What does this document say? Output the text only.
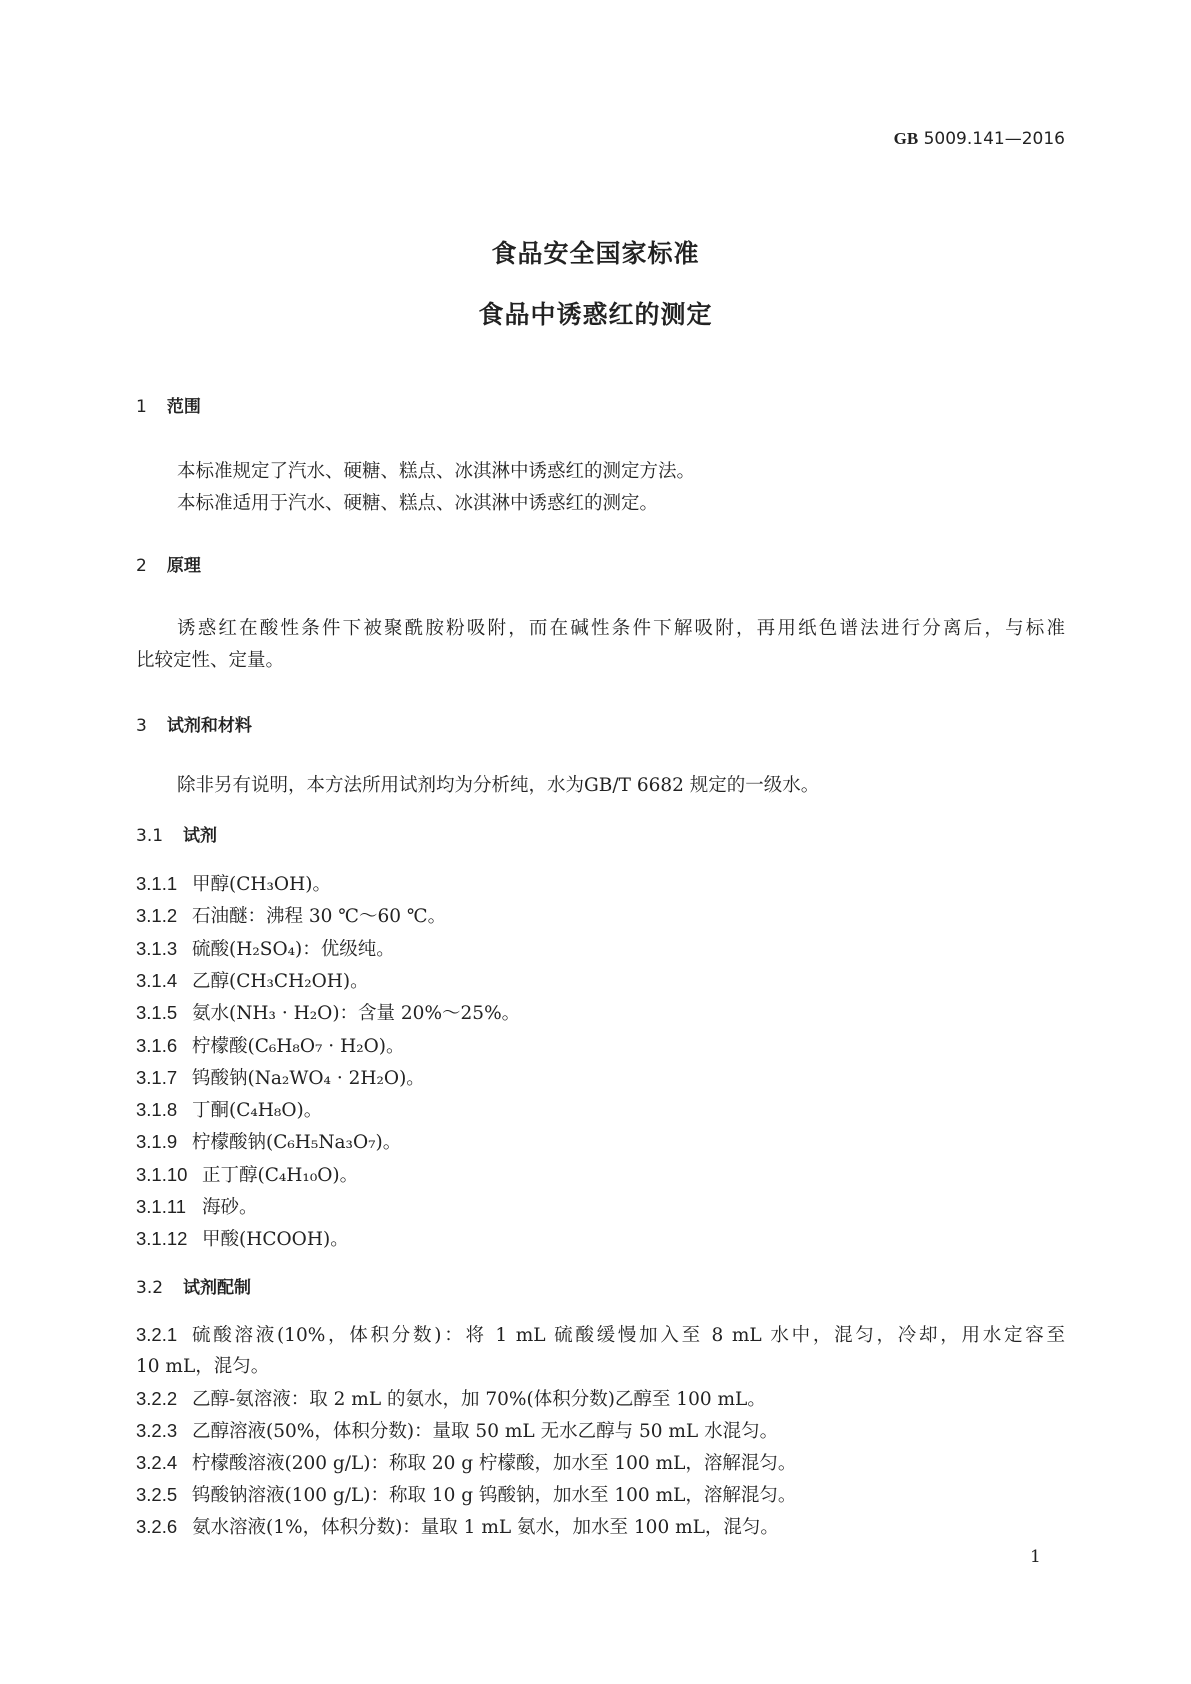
GB 5009.141—2016
食品安全国家标准
食品中诱惑红的测定
1 范围
本标准规定了汽水、硬糖、糕点、冰淇淋中诱惑红的测定方法。
本标准适用于汽水、硬糖、糕点、冰淇淋中诱惑红的测定。
2 原理
诱惑红在酸性条件下被聚酰胺粉吸附，而在碱性条件下解吸附，再用纸色谱法进行分离后，与标准
比较定性、定量。
3 试剂和材料
除非另有说明，本方法所用试剂均为分析纯，水为GB/T 6682 规定的一级水。
3.1 试剂
3.2 试剂配制
1
3.1.1 甲醇(CH₃OH)。
3.1.2 石油醚：沸程 30 ℃～60 ℃。
3.1.3 硫酸(H₂SO₄)：优级纯。
3.1.4 乙醇(CH₃CH₂OH)。
3.1.5 氨水(NH₃ · H₂O)：含量 20%～25%。
3.1.6 柠檬酸(C₆H₈O₇ · H₂O)。
3.1.7 钨酸钠(Na₂WO₄ · 2H₂O)。
3.1.8 丁酮(C₄H₈O)。
3.1.9 柠檬酸钠(C₆H₅Na₃O₇)。
3.1.10 正丁醇(C₄H₁₀O)。
3.1.11 海砂。
3.1.12 甲酸(HCOOH)。
3.2.1 硫酸溶液(10%，体积分数)：将 1 mL 硫酸缓慢加入至 8 mL 水中，混匀，冷却，用水定容至
10 mL，混匀。
3.2.2 乙醇-氨溶液：取 2 mL 的氨水，加 70%(体积分数)乙醇至 100 mL。
3.2.3 乙醇溶液(50%，体积分数)：量取 50 mL 无水乙醇与 50 mL 水混匀。
3.2.4 柠檬酸溶液(200 g/L)：称取 20 g 柠檬酸，加水至 100 mL，溶解混匀。
3.2.5 钨酸钠溶液(100 g/L)：称取 10 g 钨酸钠，加水至 100 mL，溶解混匀。
3.2.6 氨水溶液(1%，体积分数)：量取 1 mL 氨水，加水至 100 mL，混匀。
